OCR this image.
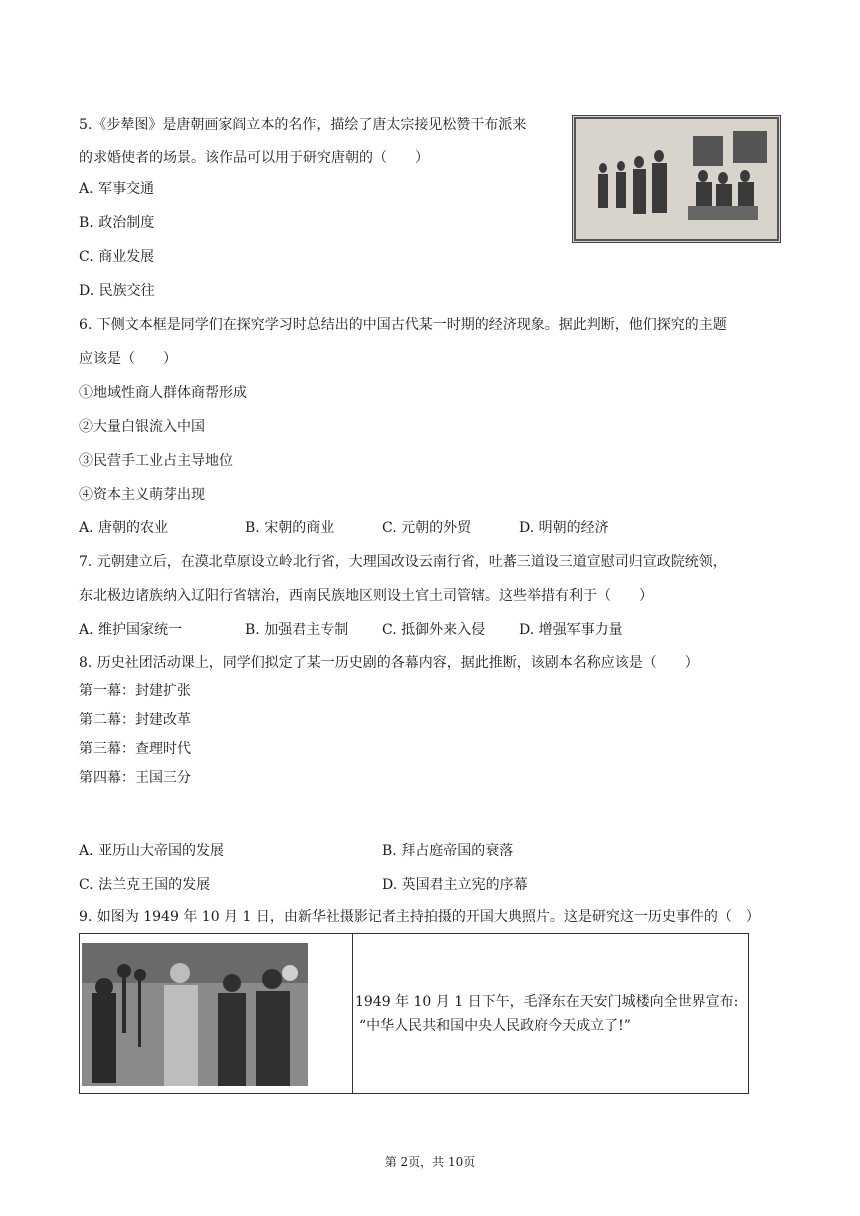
5.《步辇图》是唐朝画家阎立本的名作，描绘了唐太宗接见松赞干布派来
的求婚使者的场景。该作品可以用于研究唐朝的（　　）
A. 军事交通
B. 政治制度
C. 商业发展
D. 民族交往
6. 下侧文本框是同学们在探究学习时总结出的中国古代某一时期的经济现象。据此判断，他们探究的主题
应该是（　　）
①地域性商人群体商帮形成
②大量白银流入中国
③民营手工业占主导地位
④资本主义萌芽出现
A. 唐朝的农业	B. 宋朝的商业	C. 元朝的外贸	D. 明朝的经济
7. 元朝建立后，在漠北草原设立岭北行省，大理国改设云南行省，吐蕃三道设三道宣慰司归宣政院统领，
东北极边诸族纳入辽阳行省辖治，西南民族地区则设土官土司管辖。这些举措有利于（　　）
A. 维护国家统一	B. 加强君主专制 C. 抵御外来入侵 D. 增强军事力量
8. 历史社团活动课上，同学们拟定了某一历史剧的各幕内容，据此推断，该剧本名称应该是（　　）
第一幕：封建扩张
第二幕：封建改革
第三幕：查理时代
第四幕：王国三分
A. 亚历山大帝国的发展	B. 拜占庭帝国的衰落
C. 法兰克王国的发展	D. 英国君主立宪的序幕
9. 如图为 1949 年 10 月 1 日，由新华社摄影记者主持拍摄的开国大典照片。这是研究这一历史事件的（　）

1949 年 10 月 1 日下午，毛泽东在天安门城楼向全世界宣布:
“中华人民共和国中央人民政府今天成立了!”
第 2页，共 10页
